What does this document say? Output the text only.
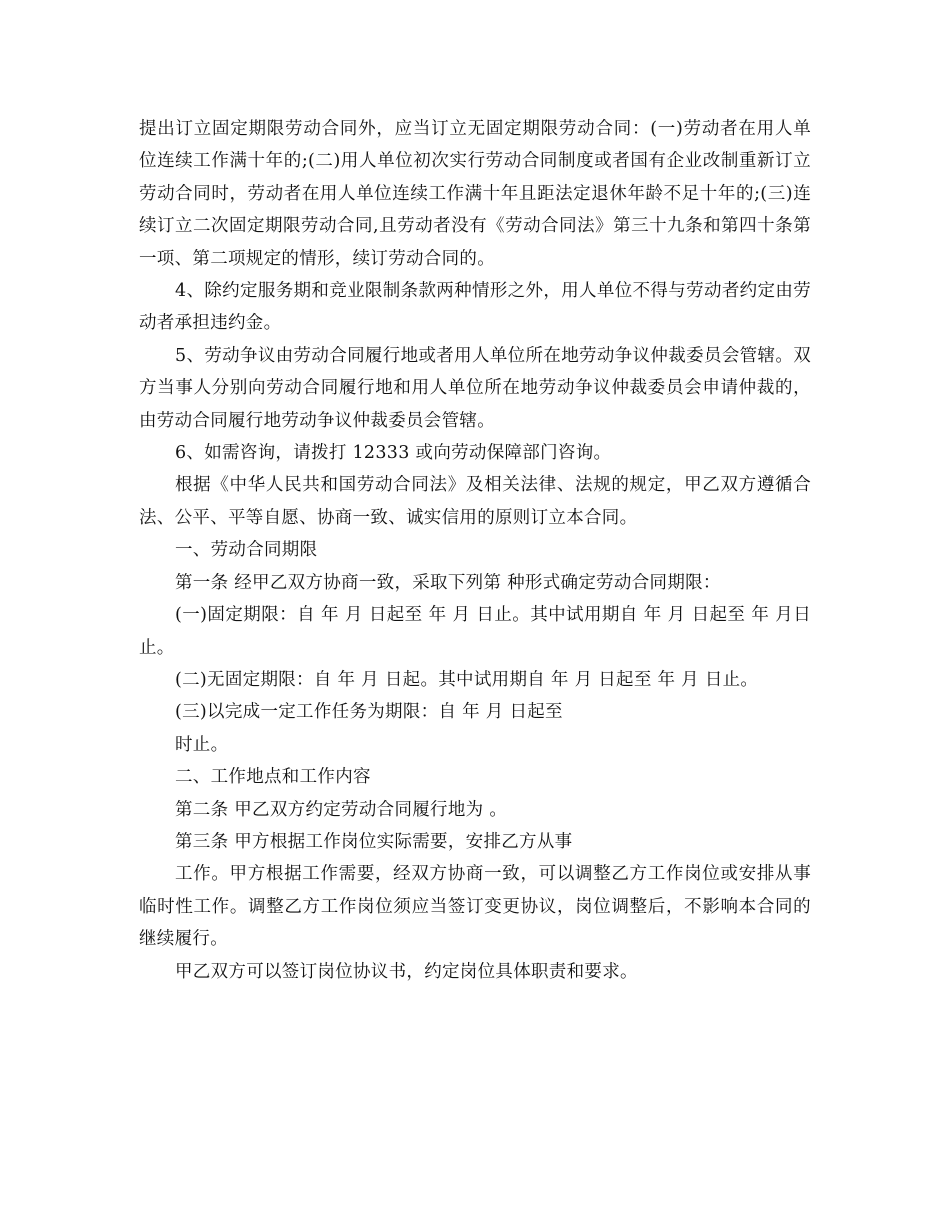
提出订立固定期限劳动合同外，应当订立无固定期限劳动合同：(一)劳动者在用人单位连续工作满十年的;(二)用人单位初次实行劳动合同制度或者国有企业改制重新订立劳动合同时，劳动者在用人单位连续工作满十年且距法定退休年龄不足十年的;(三)连续订立二次固定期限劳动合同,且劳动者没有《劳动合同法》第三十九条和第四十条第一项、第二项规定的情形，续订劳动合同的。

4、除约定服务期和竞业限制条款两种情形之外，用人单位不得与劳动者约定由劳动者承担违约金。

5、劳动争议由劳动合同履行地或者用人单位所在地劳动争议仲裁委员会管辖。双方当事人分别向劳动合同履行地和用人单位所在地劳动争议仲裁委员会申请仲裁的，由劳动合同履行地劳动争议仲裁委员会管辖。

6、如需咨询，请拨打 12333 或向劳动保障部门咨询。

根据《中华人民共和国劳动合同法》及相关法律、法规的规定，甲乙双方遵循合法、公平、平等自愿、协商一致、诚实信用的原则订立本合同。

一、劳动合同期限

第一条 经甲乙双方协商一致，采取下列第 种形式确定劳动合同期限：

(一)固定期限：自 年 月 日起至 年 月 日止。其中试用期自 年 月 日起至 年 月日止。

(二)无固定期限：自 年 月 日起。其中试用期自 年 月 日起至 年 月 日止。

(三)以完成一定工作任务为期限：自 年 月 日起至

时止。

二、工作地点和工作内容

第二条 甲乙双方约定劳动合同履行地为 。

第三条 甲方根据工作岗位实际需要，安排乙方从事

工作。甲方根据工作需要，经双方协商一致，可以调整乙方工作岗位或安排从事临时性工作。调整乙方工作岗位须应当签订变更协议，岗位调整后，不影响本合同的继续履行。

甲乙双方可以签订岗位协议书，约定岗位具体职责和要求。
